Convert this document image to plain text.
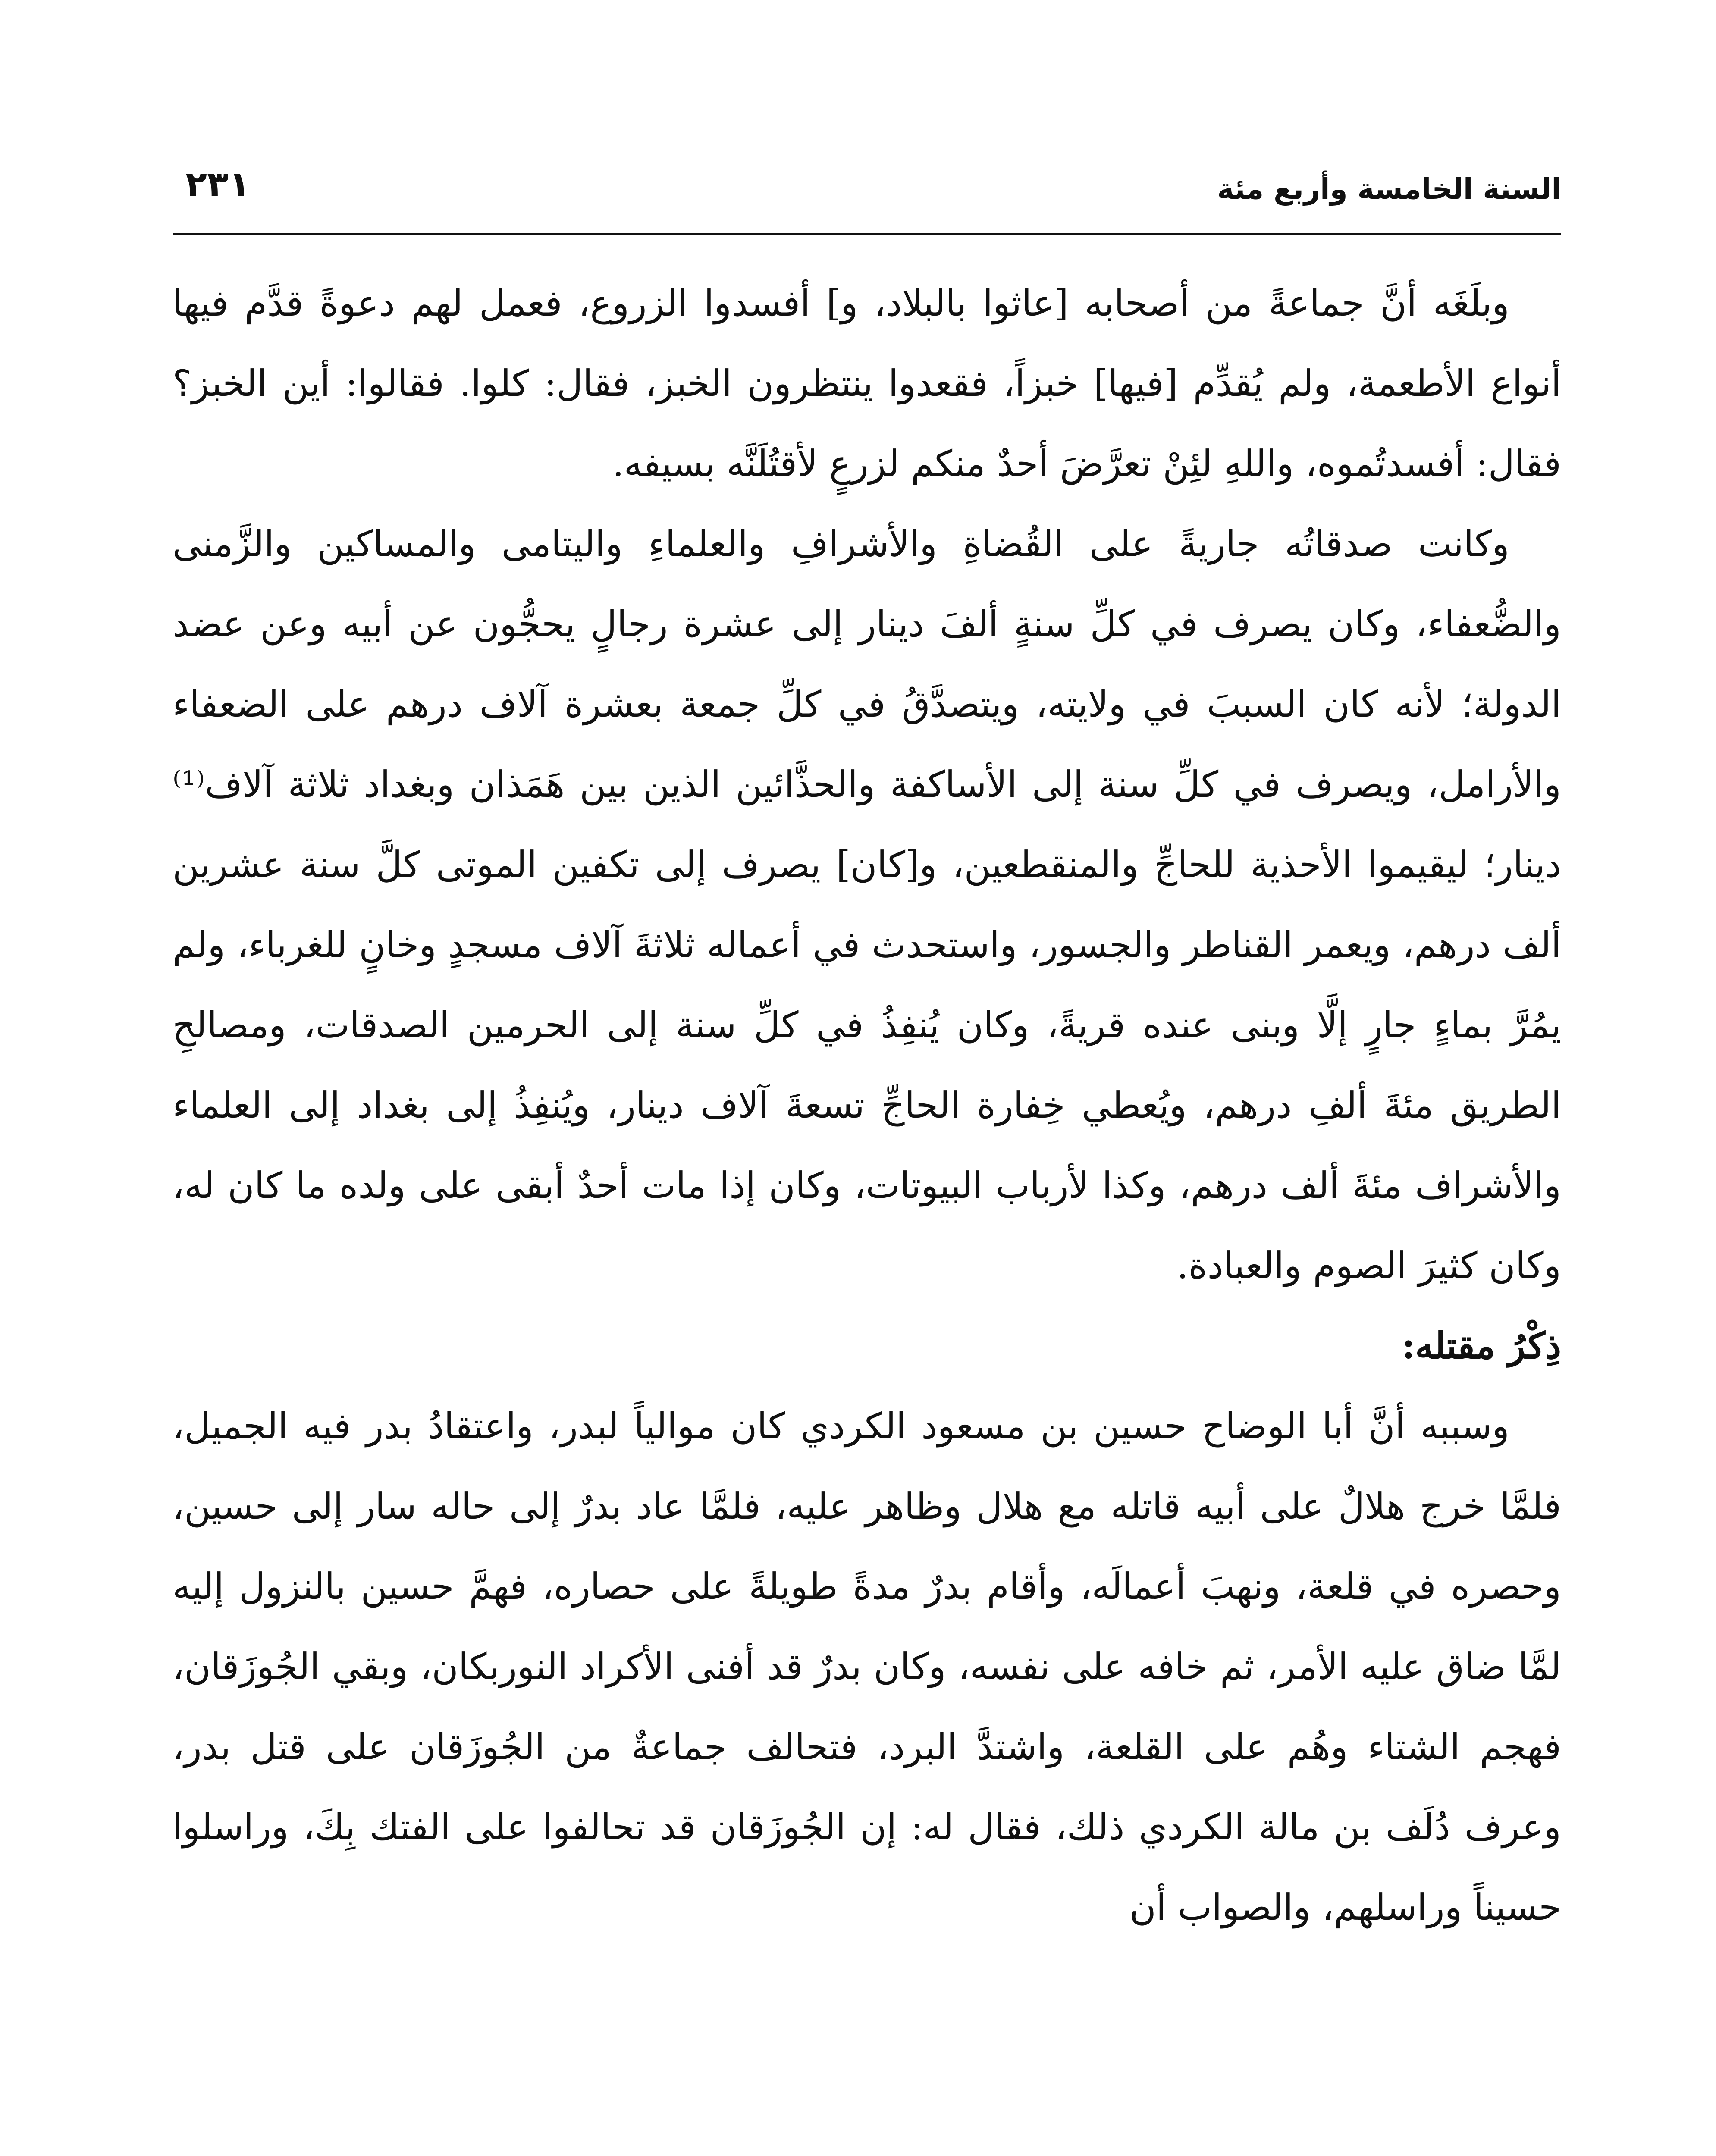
السنة الخامسة وأربع مئة
٢٣١

وبلَغَه أنَّ جماعةً من أصحابه [عاثوا بالبلاد، و] أفسدوا الزروع، فعمل لهم دعوةً قدَّم فيها أنواع الأطعمة، ولم يُقدِّم [فيها] خبزاً، فقعدوا ينتظرون الخبز، فقال: كلوا. فقالوا: أين الخبز؟ فقال: أفسدتُموه، واللهِ لئِنْ تعرَّضَ أحدٌ منكم لزرعٍ لأقتُلَنَّه بسيفه.

وكانت صدقاتُه جاريةً على القُضاةِ والأشرافِ والعلماءِ واليتامى والمساكين والزَّمنى والضُّعفاء، وكان يصرف في كلِّ سنةٍ ألفَ دينار إلى عشرة رجالٍ يحجُّون عن أبيه وعن عضد الدولة؛ لأنه كان السببَ في ولايته، ويتصدَّقُ في كلِّ جمعة بعشرة آلاف درهم على الضعفاء والأرامل، ويصرف في كلِّ سنة إلى الأساكفة والحذَّائين الذين بين هَمَذان وبغداد ثلاثة آلاف⁽¹⁾ دينار؛ ليقيموا الأحذية للحاجِّ والمنقطعين، و[كان] يصرف إلى تكفين الموتى كلَّ سنة عشرين ألف درهم، ويعمر القناطر والجسور، واستحدث في أعماله ثلاثةَ آلاف مسجدٍ وخانٍ للغرباء، ولم يمُرَّ بماءٍ جارٍ إلَّا وبنى عنده قريةً، وكان يُنفِذُ في كلِّ سنة إلى الحرمين الصدقات، ومصالحِ الطريق مئةَ ألفِ درهم، ويُعطي خِفارة الحاجِّ تسعةَ آلاف دينار، ويُنفِذُ إلى بغداد إلى العلماء والأشراف مئةَ ألف درهم، وكذا لأرباب البيوتات، وكان إذا مات أحدٌ أبقى على ولده ما كان له، وكان كثيرَ الصوم والعبادة.

ذِكْرُ مقتله:

وسببه أنَّ أبا الوضاح حسين بن مسعود الكردي كان موالياً لبدر، واعتقادُ بدر فيه الجميل، فلمَّا خرج هلالٌ على أبيه قاتله مع هلال وظاهر عليه، فلمَّا عاد بدرٌ إلى حاله سار إلى حسين، وحصره في قلعة، ونهبَ أعمالَه، وأقام بدرٌ مدةً طويلةً على حصاره، فهمَّ حسين بالنزول إليه لمَّا ضاق عليه الأمر، ثم خافه على نفسه، وكان بدرٌ قد أفنى الأكراد النوربكان، وبقي الجُوزَقان، فهجم الشتاء وهُم على القلعة، واشتدَّ البرد، فتحالف جماعةٌ من الجُوزَقان على قتل بدر، وعرف دُلَف بن مالة الكردي ذلك، فقال له: إن الجُوزَقان قد تحالفوا على الفتك بِكَ، وراسلوا حسيناً وراسلهم، والصواب أن
